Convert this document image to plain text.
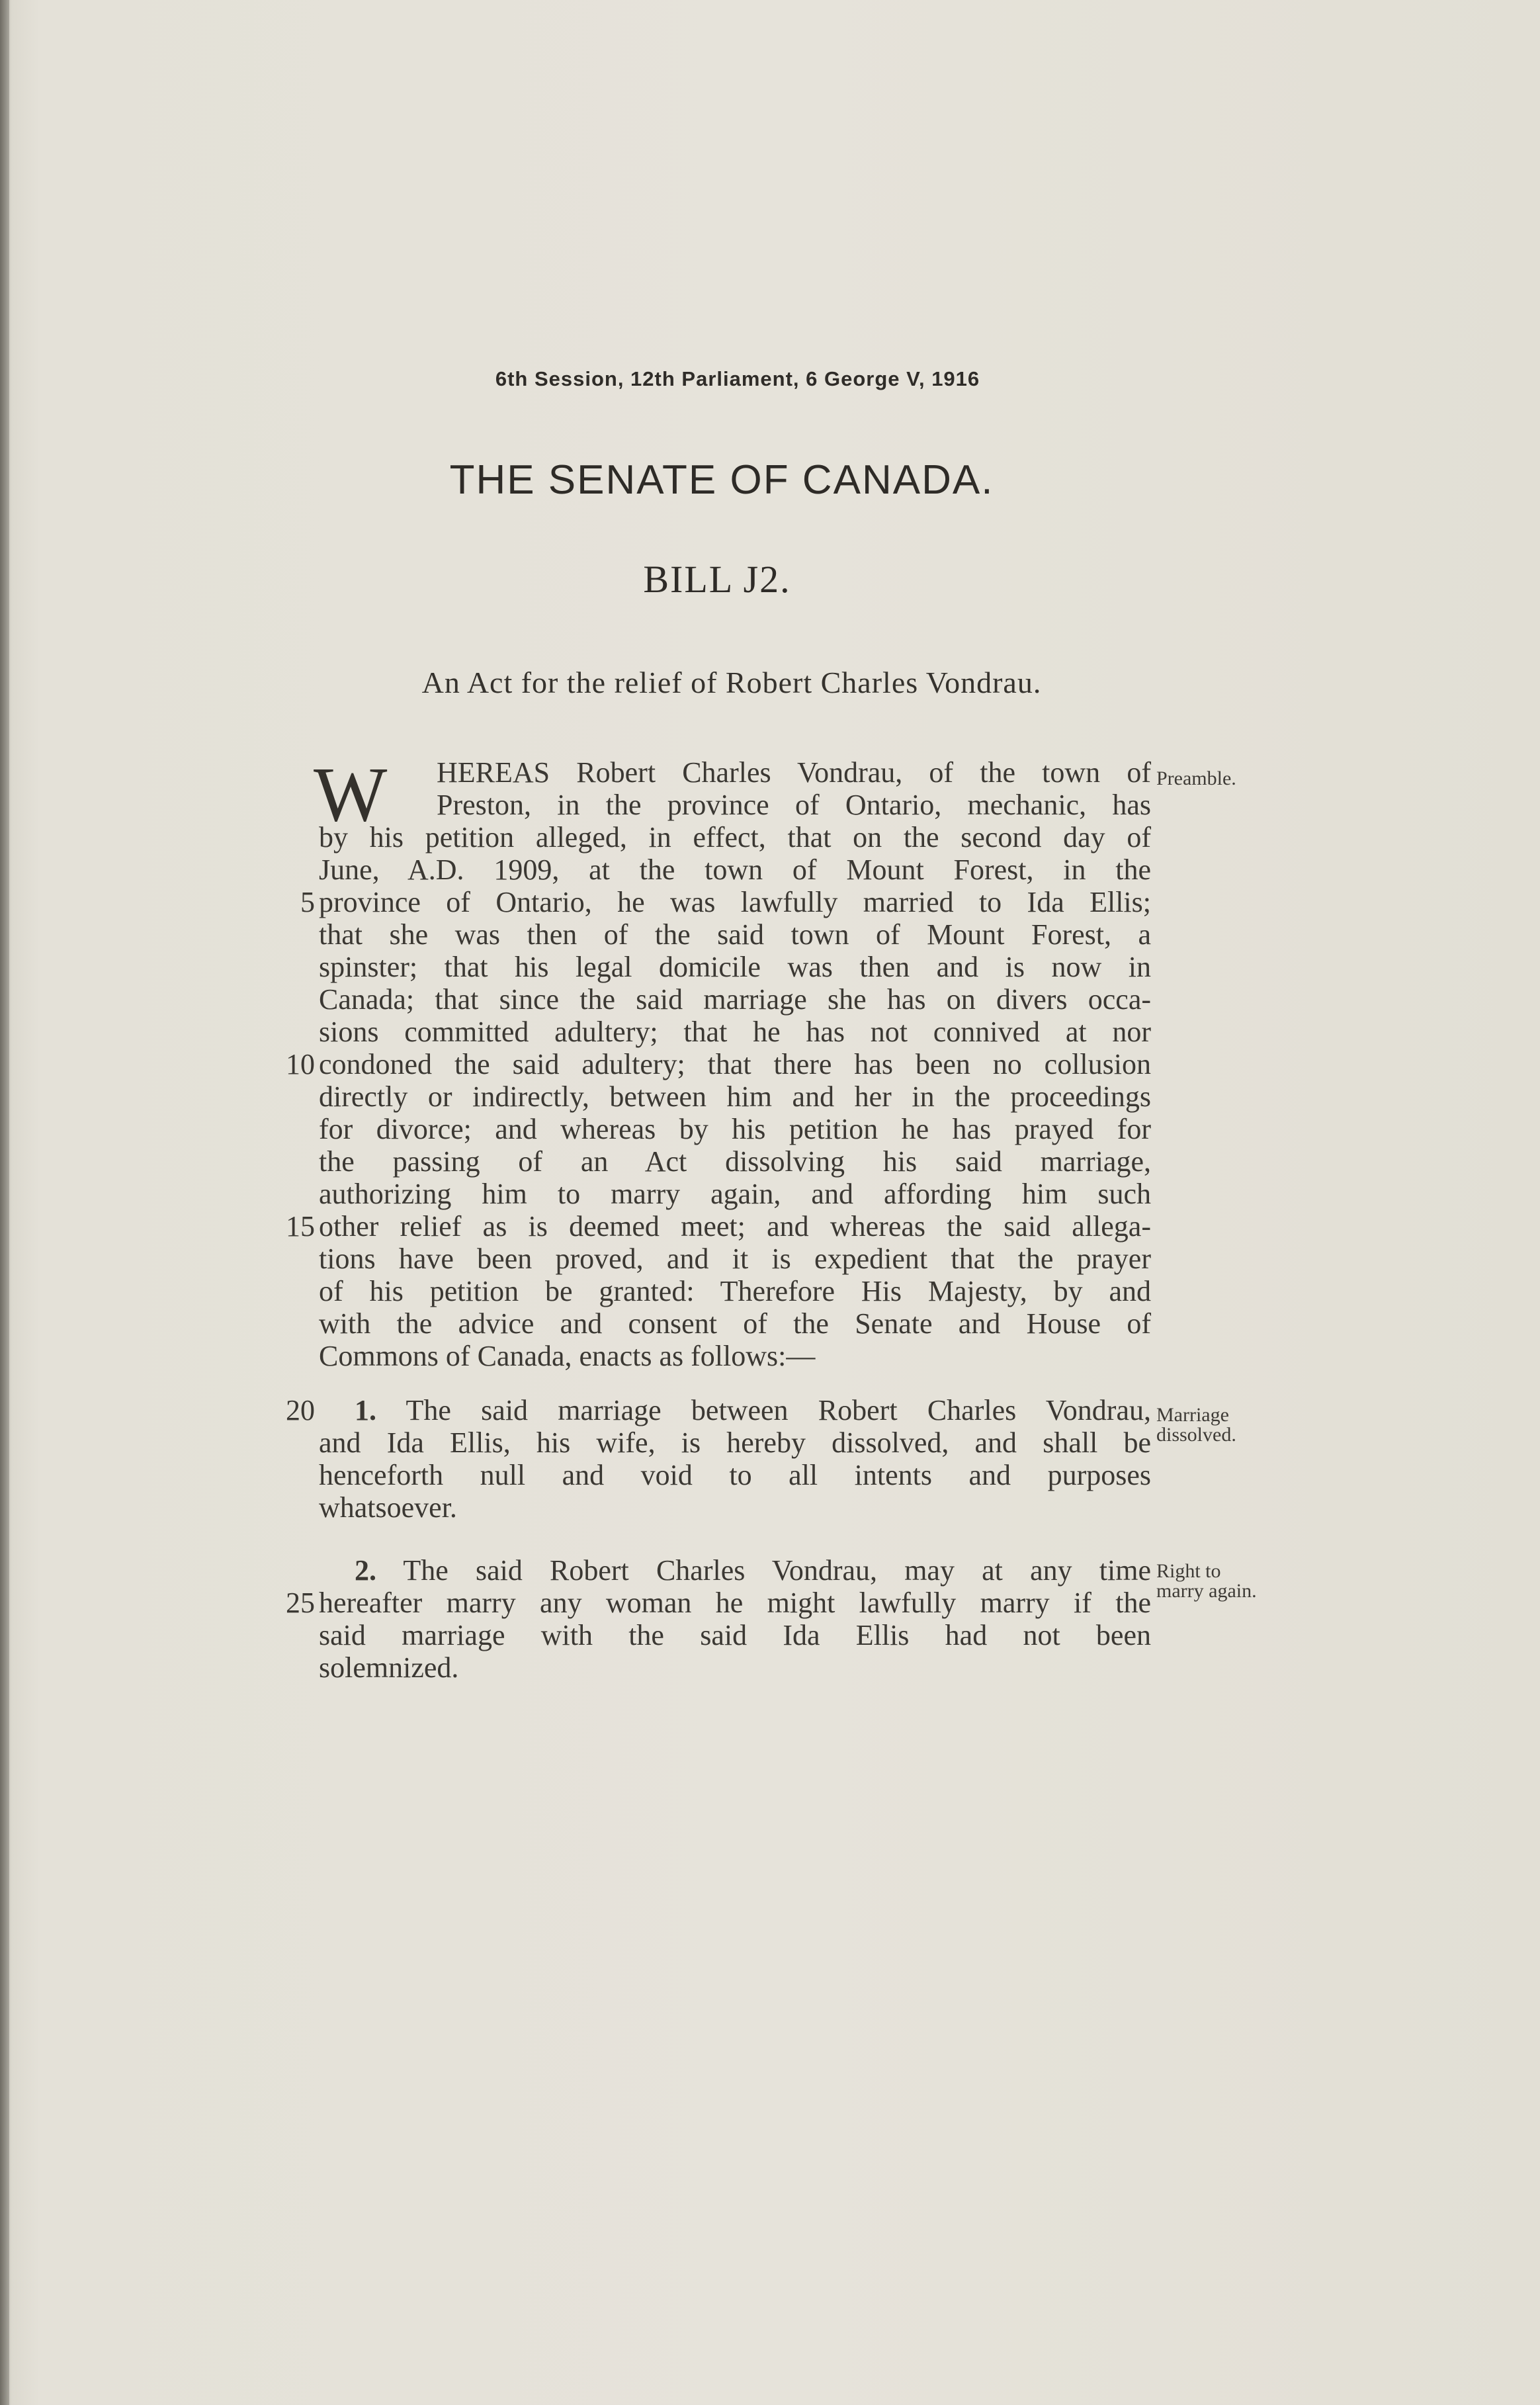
6th Session, 12th Parliament, 6 George V, 1916
THE SENATE OF CANADA.
BILL J2.
An Act for the relief of Robert Charles Vondrau.
W	Preamble.
HEREAS Robert Charles Vondrau, of the town of
Preston, in the province of Ontario, mechanic, has
by his petition alleged, in effect, that on the second day of
June, A.D. 1909, at the town of Mount Forest, in the
5 province of Ontario, he was lawfully married to Ida Ellis;
that she was then of the said town of Mount Forest, a
spinster; that his legal domicile was then and is now in
Canada; that since the said marriage she has on divers occa-
sions committed adultery; that he has not connived at nor
10 condoned the said adultery; that there has been no collusion
directly or indirectly, between him and her in the proceedings
for divorce; and whereas by his petition he has prayed for
the passing of an Act dissolving his said marriage,
authorizing him to marry again, and affording him such
15 other relief as is deemed meet; and whereas the said allega-
tions have been proved, and it is expedient that the prayer
of his petition be granted: Therefore His Majesty, by and
with the advice and consent of the Senate and House of
Commons of Canada, enacts as follows:—
20 1. The said marriage between Robert Charles Vondrau,
and Ida Ellis, his wife, is hereby dissolved, and shall be
henceforth null and void to all intents and purposes
whatsoever.
Marriage
dissolved.
2. The said Robert Charles Vondrau, may at any time
25 hereafter marry any woman he might lawfully marry if the
said marriage with the said Ida Ellis had not been
solemnized.
Right to
marry again.
